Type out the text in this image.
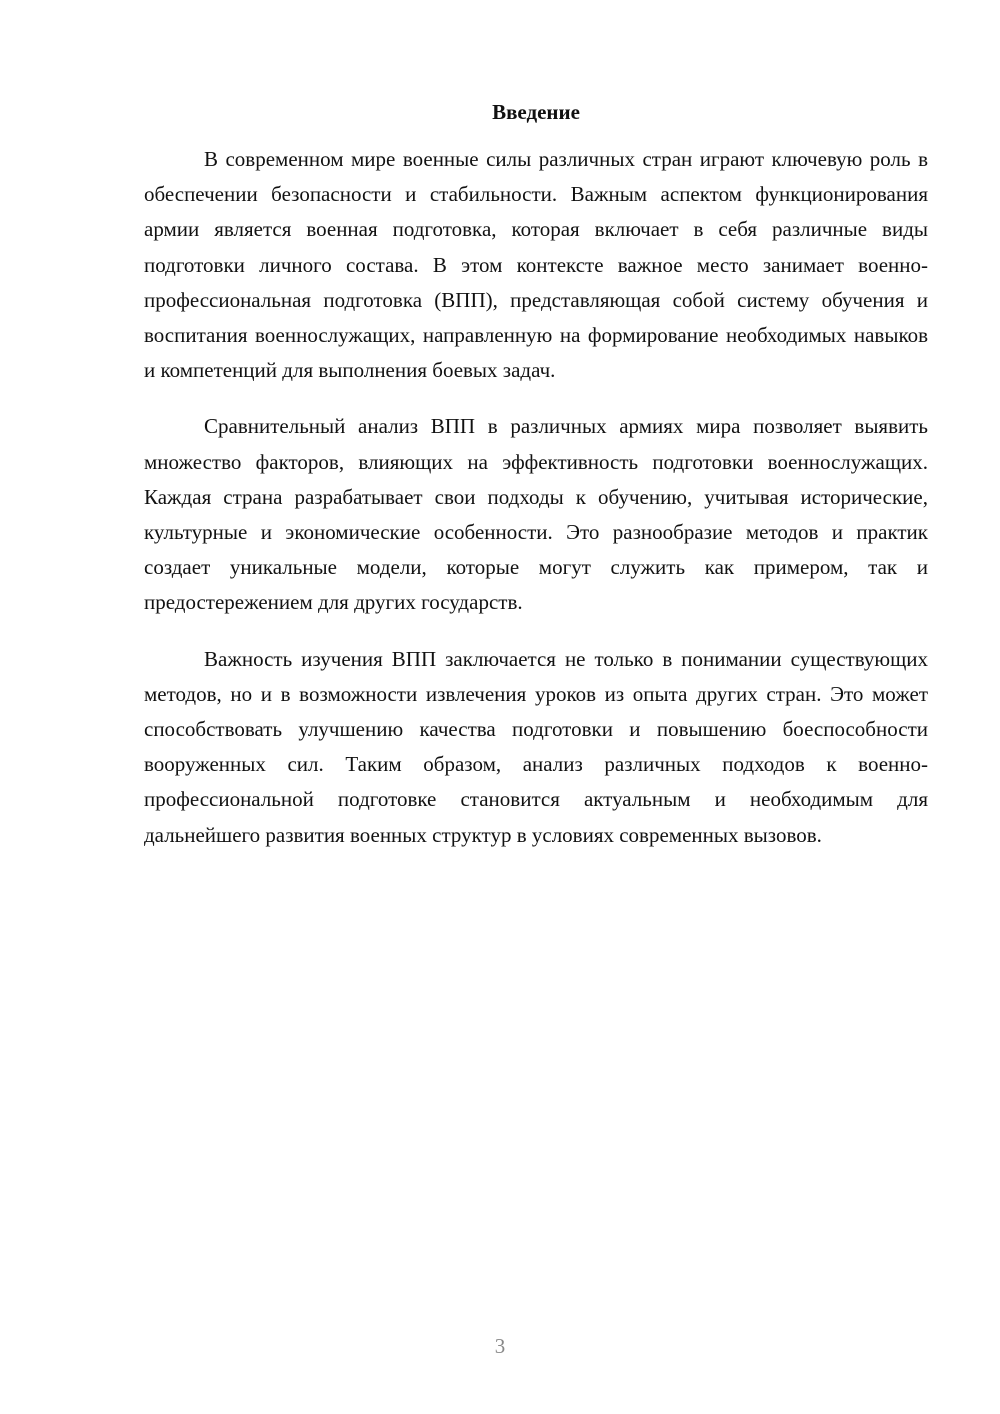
Введение

В современном мире военные силы различных стран играют ключевую роль в обеспечении безопасности и стабильности. Важным аспектом функционирования армии является военная подготовка, которая включает в себя различные виды подготовки личного состава. В этом контексте важное место занимает военно-профессиональная подготовка (ВПП), представляющая собой систему обучения и воспитания военнослужащих, направленную на формирование необходимых навыков и компетенций для выполнения боевых задач.

Сравнительный анализ ВПП в различных армиях мира позволяет выявить множество факторов, влияющих на эффективность подготовки военнослужащих. Каждая страна разрабатывает свои подходы к обучению, учитывая исторические, культурные и экономические особенности. Это разнообразие методов и практик создает уникальные модели, которые могут служить как примером, так и предостережением для других государств.

Важность изучения ВПП заключается не только в понимании существующих методов, но и в возможности извлечения уроков из опыта других стран. Это может способствовать улучшению качества подготовки и повышению боеспособности вооруженных сил. Таким образом, анализ различных подходов к военно-профессиональной подготовке становится актуальным и необходимым для дальнейшего развития военных структур в условиях современных вызовов.

3
